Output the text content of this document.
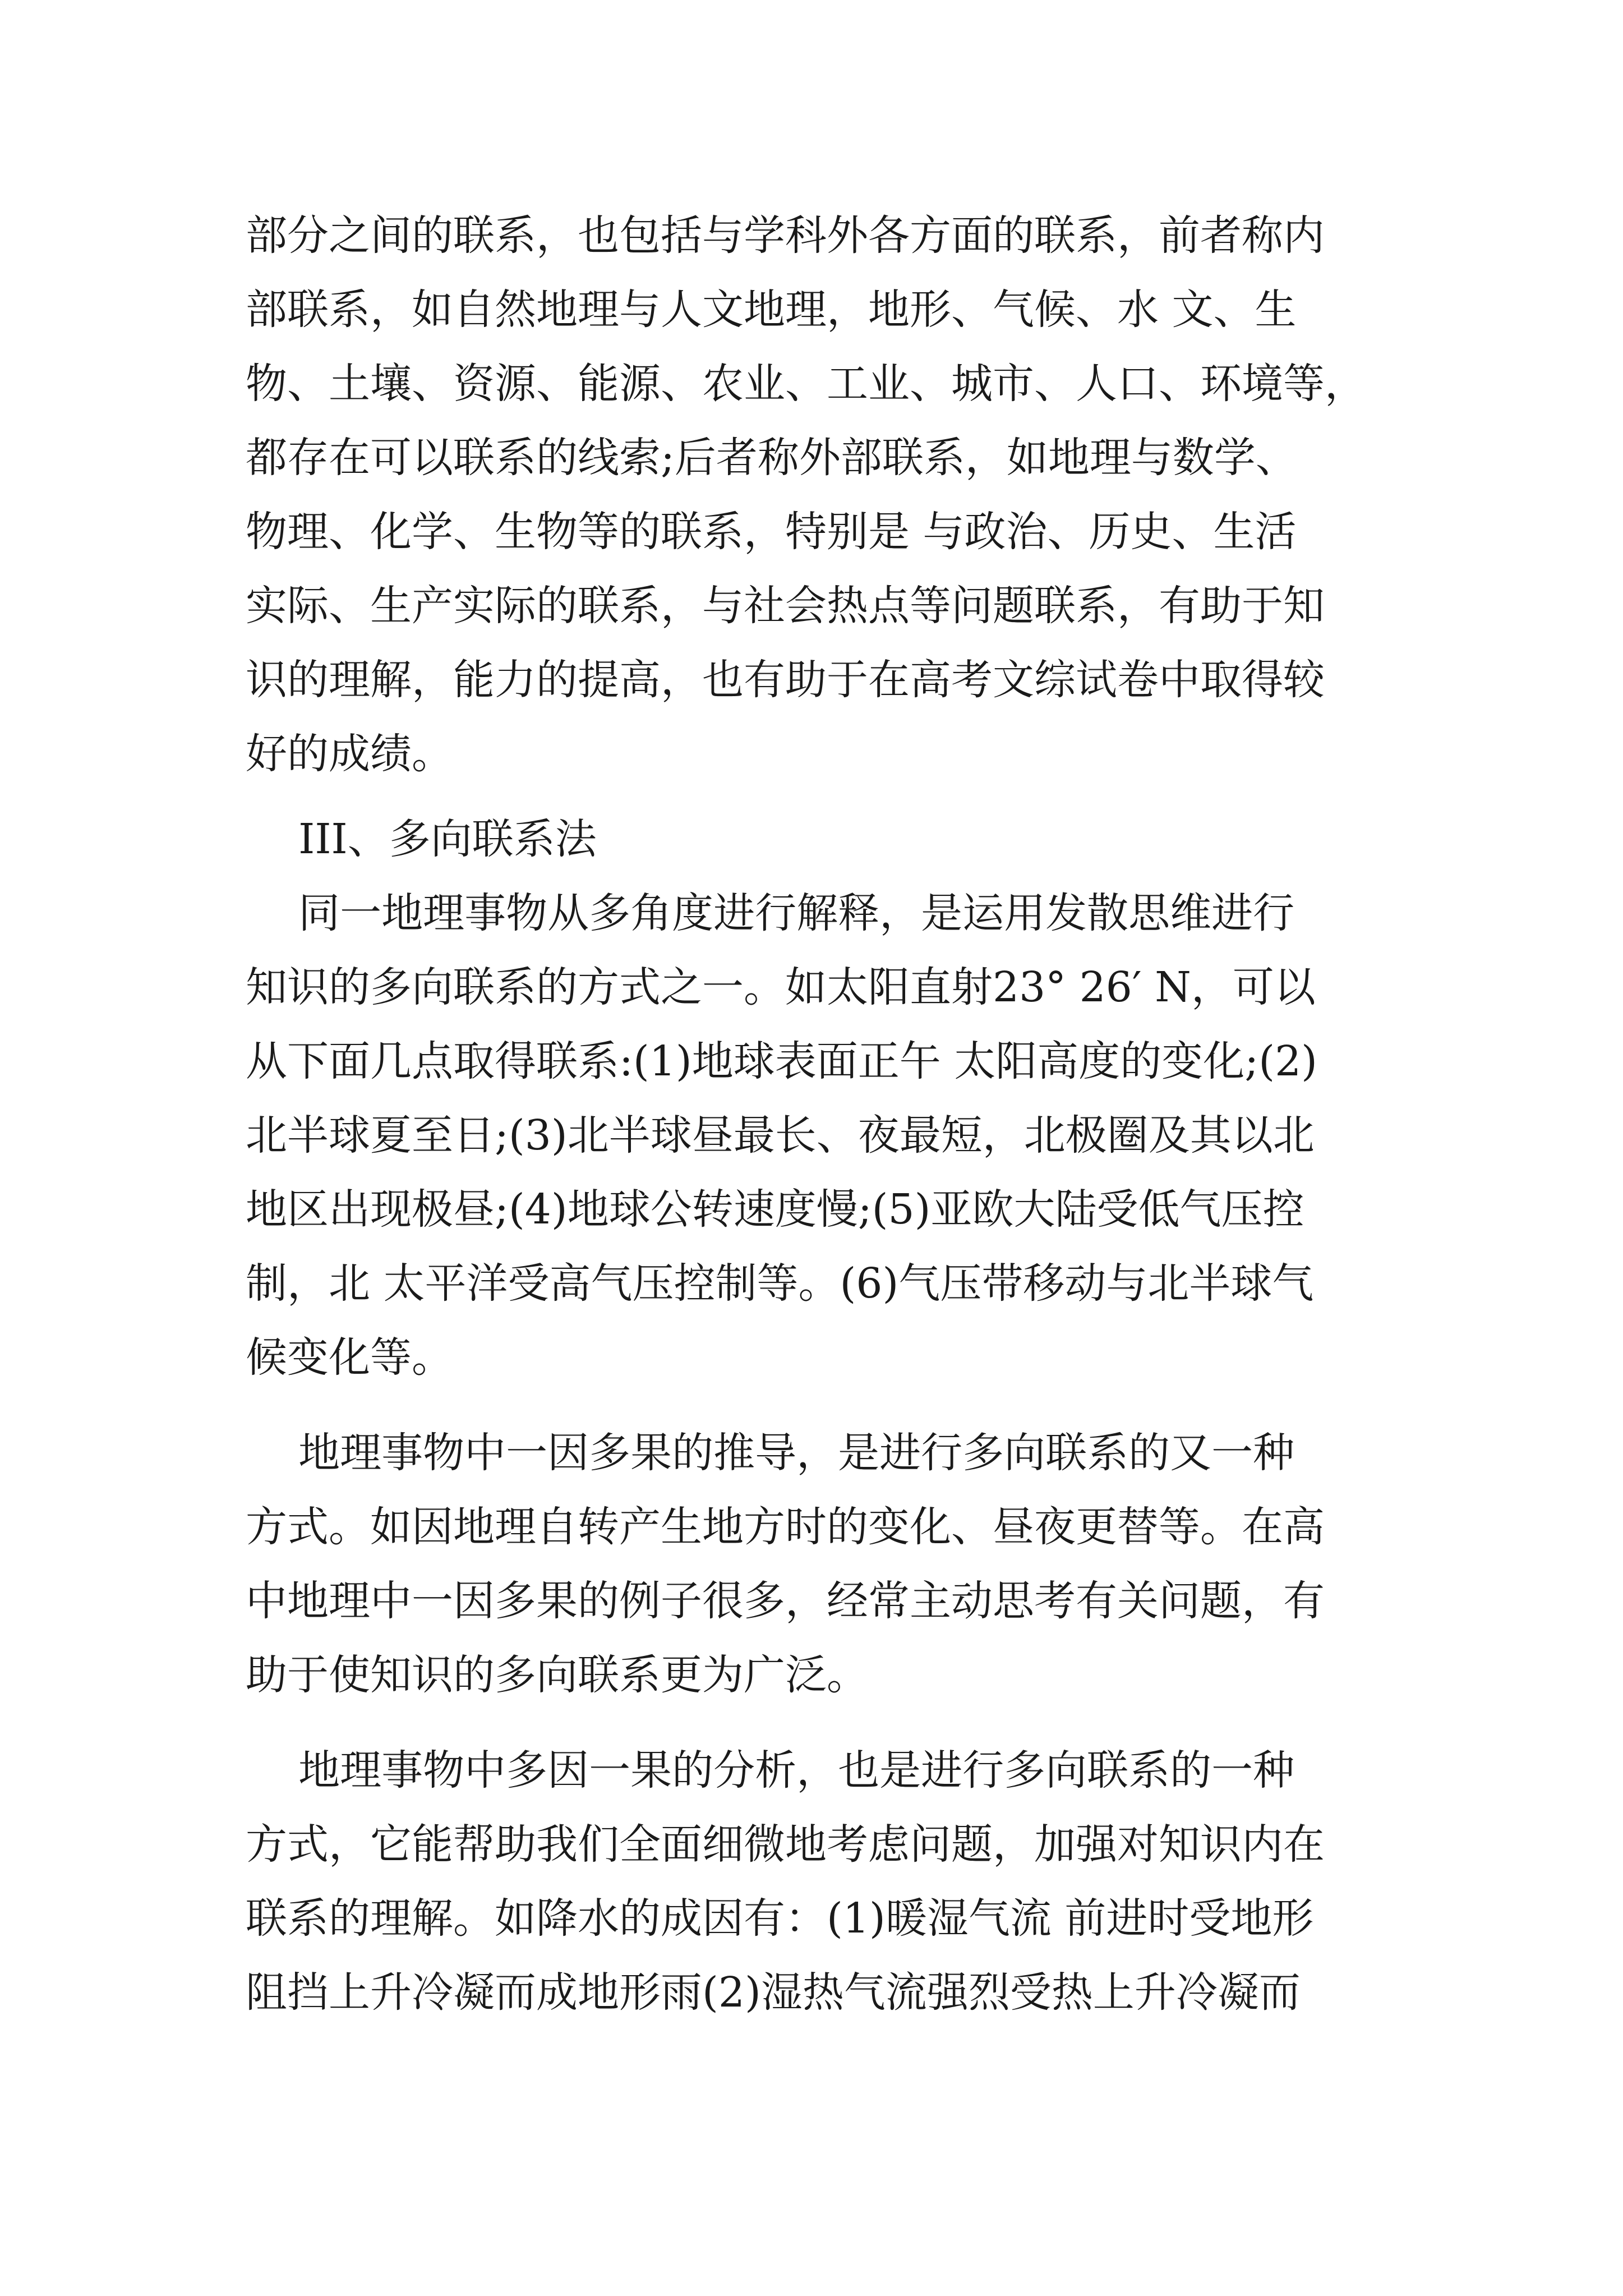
部分之间的联系，也包括与学科外各方面的联系，前者称内
部联系，如自然地理与人文地理，地形、气候、水 文、生
物、土壤、资源、能源、农业、工业、城市、人口、环境等，
都存在可以联系的线索;后者称外部联系，如地理与数学、
物理、化学、生物等的联系，特别是 与政治、历史、生活
实际、生产实际的联系，与社会热点等问题联系，有助于知
识的理解，能力的提高，也有助于在高考文综试卷中取得较
好的成绩。
III、多向联系法
同一地理事物从多角度进行解释，是运用发散思维进行
知识的多向联系的方式之一。如太阳直射23° 26′ N，可以
从下面几点取得联系:(1)地球表面正午 太阳高度的变化;(2)
北半球夏至日;(3)北半球昼最长、夜最短，北极圈及其以北
地区出现极昼;(4)地球公转速度慢;(5)亚欧大陆受低气压控
制，北 太平洋受高气压控制等。(6)气压带移动与北半球气
候变化等。
地理事物中一因多果的推导，是进行多向联系的又一种
方式。如因地理自转产生地方时的变化、昼夜更替等。在高
中地理中一因多果的例子很多，经常主动思考有关问题，有
助于使知识的多向联系更为广泛。
地理事物中多因一果的分析，也是进行多向联系的一种
方式，它能帮助我们全面细微地考虑问题，加强对知识内在
联系的理解。如降水的成因有：(1)暖湿气流 前进时受地形
阻挡上升冷凝而成地形雨(2)湿热气流强烈受热上升冷凝而
